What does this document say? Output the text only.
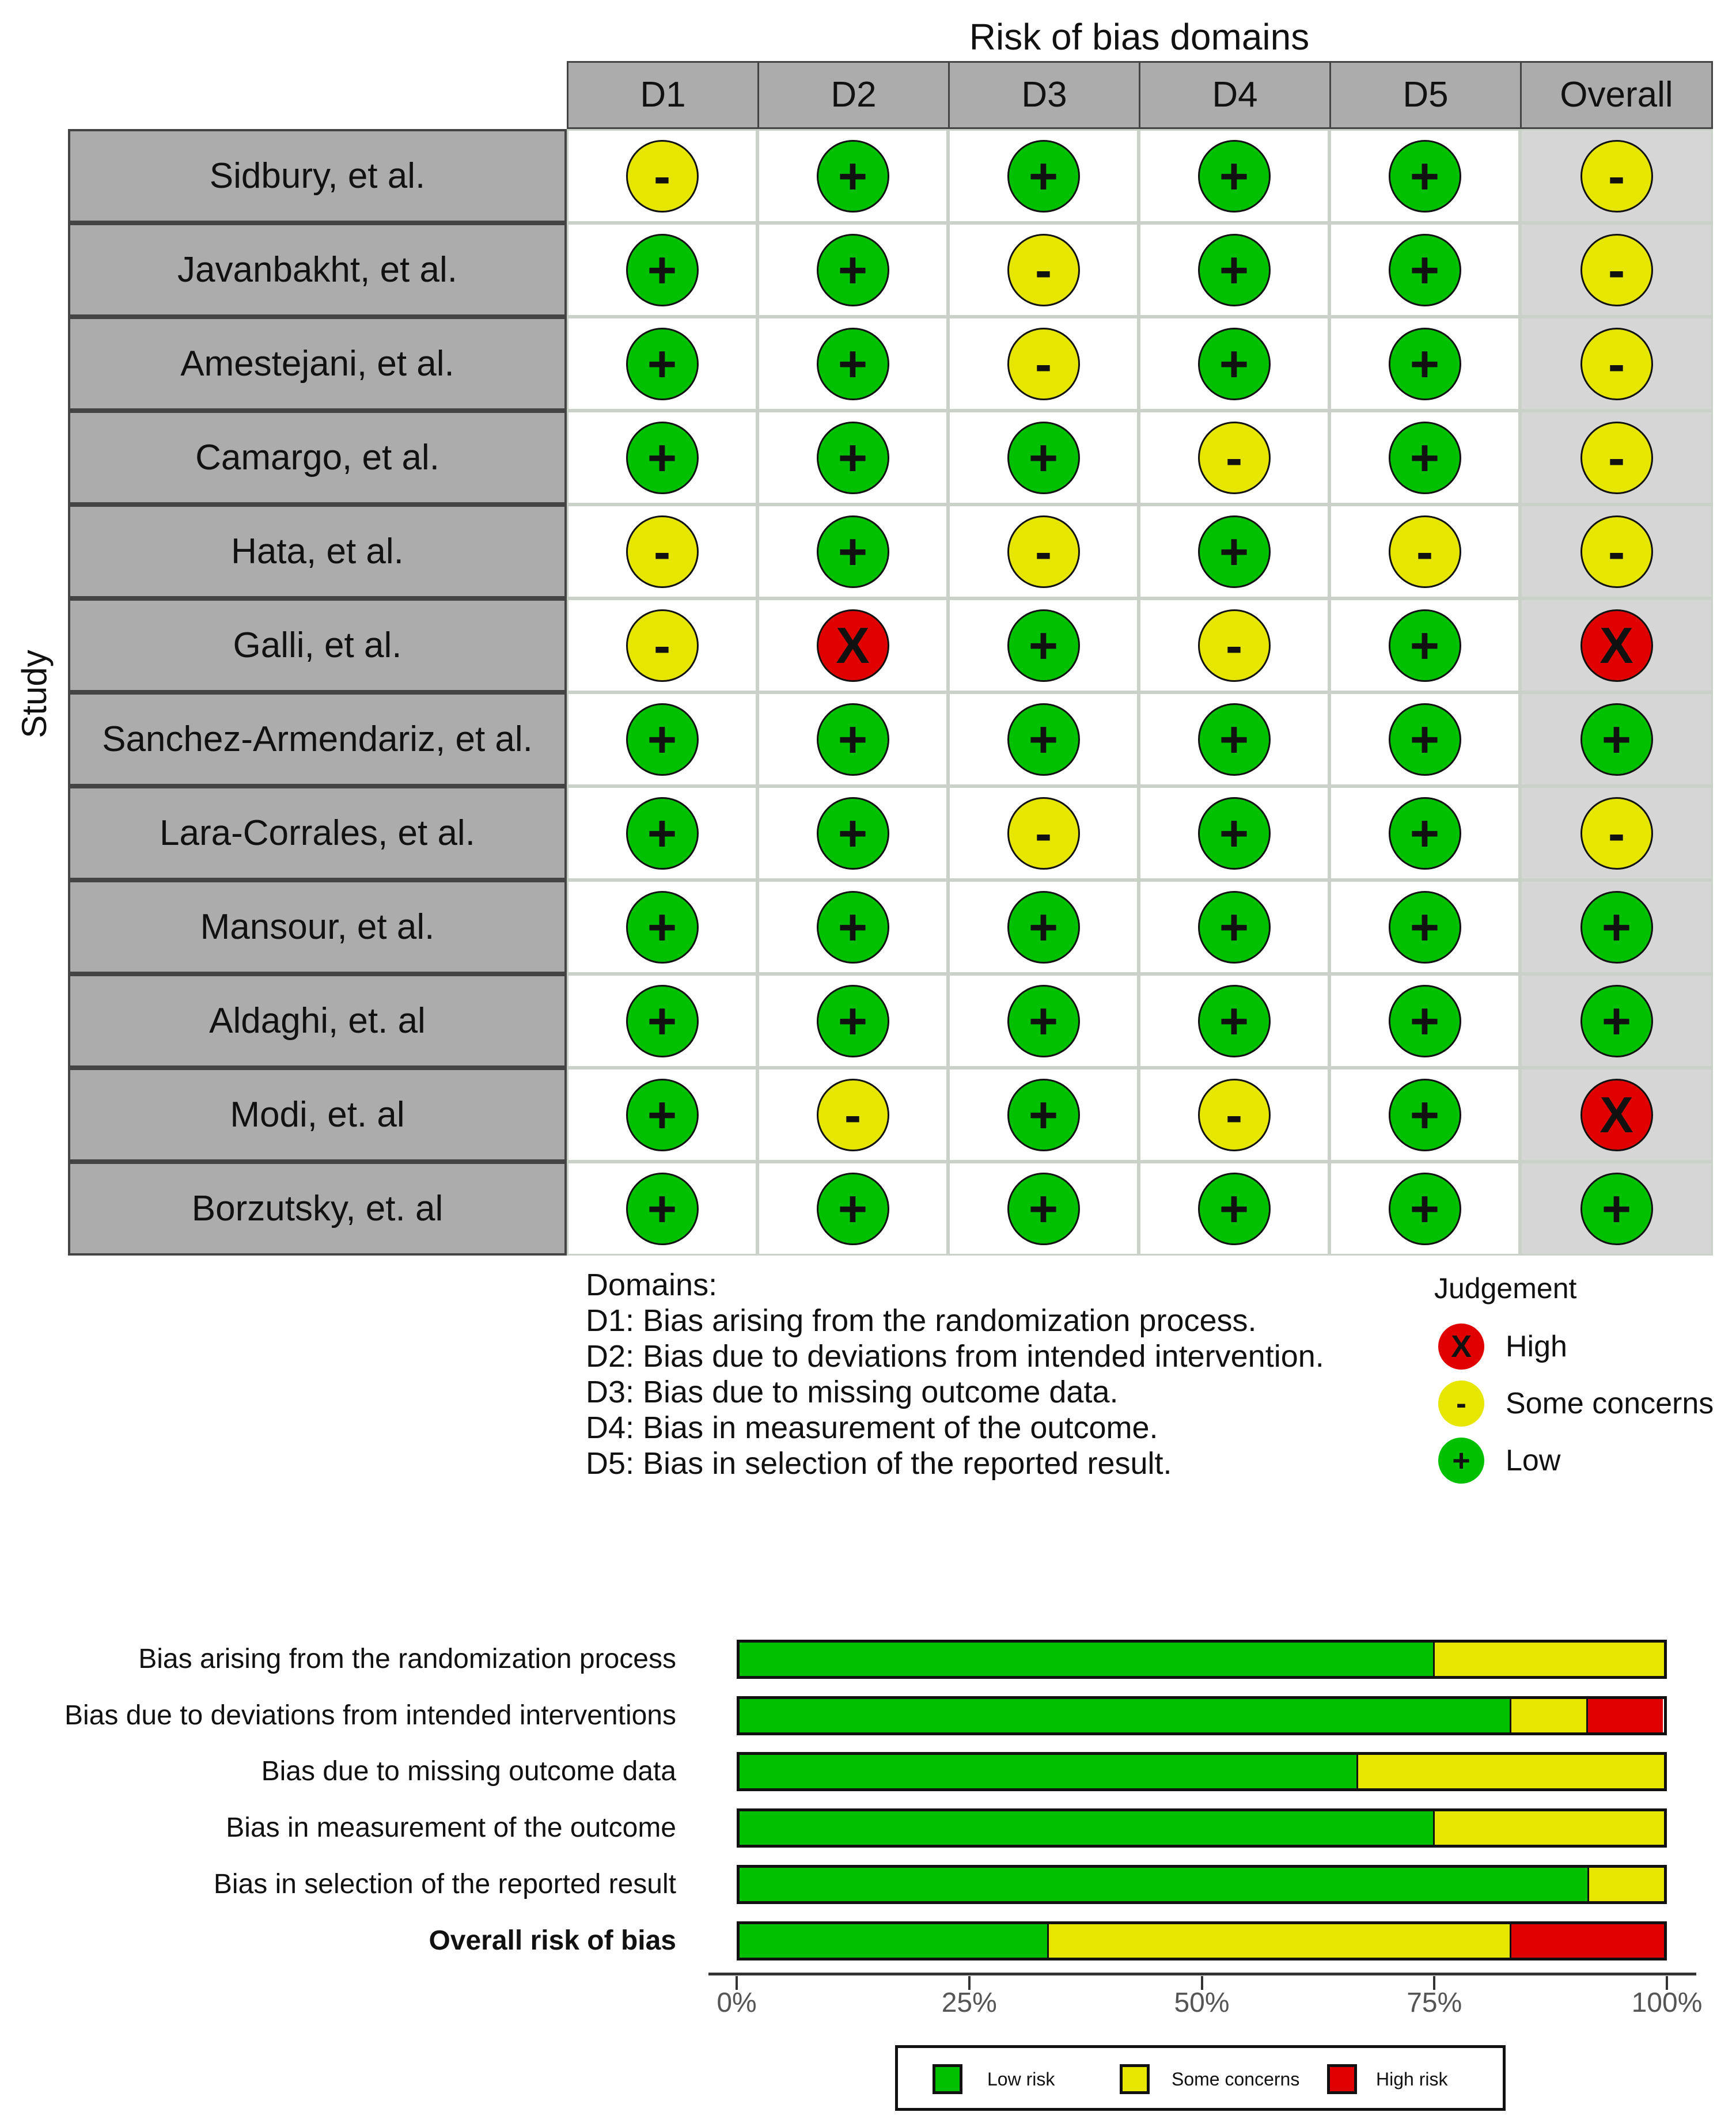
Risk of bias domains
Study
D1	D2	D3	D4	D5	Overall
Sidbury, et al.	-	+	+	+	+	-
Javanbakht, et al.	+	+	-	+	+	-
Amestejani, et al.	+	+	-	+	+	-
Camargo, et al.	+	+	+	-	+	-
Hata, et al.	-	+	-	+	-	-
Galli, et al.	-	X	+	-	+	X
Sanchez-Armendariz, et al.	+	+	+	+	+	+
Lara-Corrales, et al.	+	+	-	+	+	-
Mansour, et al.	+	+	+	+	+	+
Aldaghi, et. al	+	+	+	+	+	+
Modi, et. al	+	-	+	-	+	X
Borzutsky, et. al	+	+	+	+	+	+
Domains:
D1: Bias arising from the randomization process.
D2: Bias due to deviations from intended intervention.
D3: Bias due to missing outcome data.
D4: Bias in measurement of the outcome.
D5: Bias in selection of the reported result.
Judgement
X	High
-	Some concerns
+	Low
Bias arising from the randomization process
Bias due to deviations from intended interventions
Bias due to missing outcome data
Bias in measurement of the outcome
Bias in selection of the reported result
Overall risk of bias
0%	25%	50%	75%	100%
Low risk	Some concerns	High risk
